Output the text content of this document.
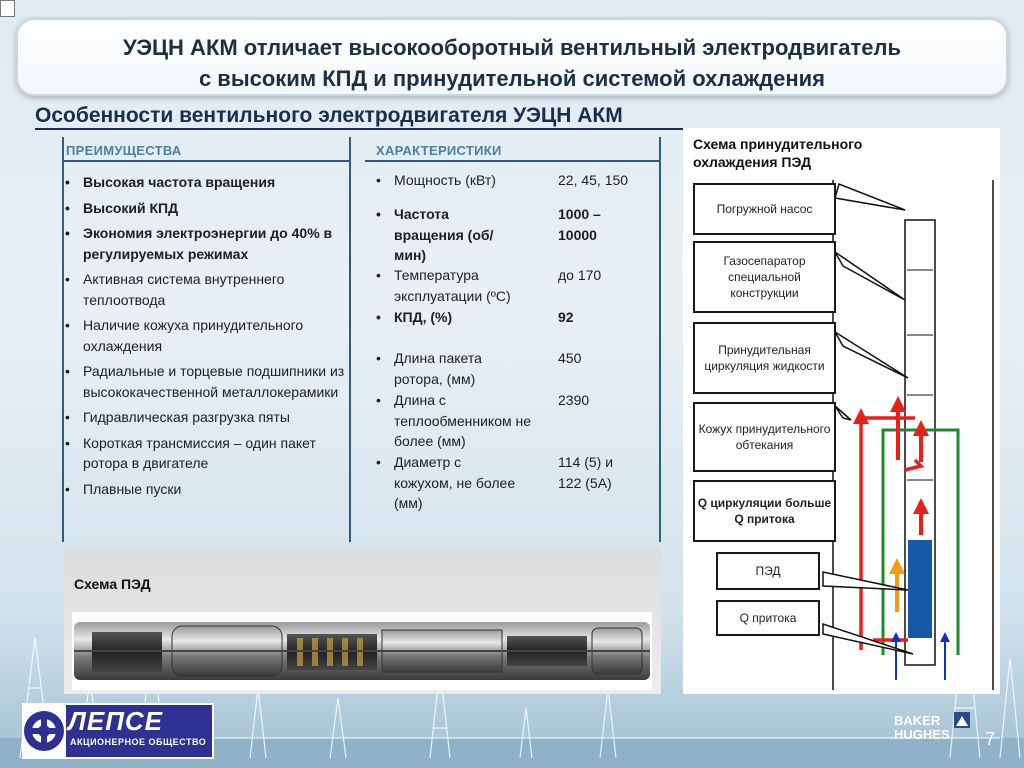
УЭЦН АКМ отличает высокооборотный вентильный электродвигатель
с высоким КПД и принудительной системой охлаждения
Особенности вентильного электродвигателя УЭЦН АКМ
ПРЕИМУЩЕСТВА
• Высокая частота вращения
• Высокий КПД
• Экономия электроэнергии до 40% в регулируемых режимах
• Активная система внутреннего теплоотвода
• Наличие кожуха принудительного охлаждения
• Радиальные и торцевые подшипники из высококачественной металлокерамики
• Гидравлическая разгрузка пяты
• Короткая трансмиссия – один пакет ротора в двигателе
• Плавные пуски
ХАРАКТЕРИСТИКИ
• Мощность (кВт)	22, 45, 150
• Частота вращения (об/мин)
1000 – 10000
• Температура эксплуатации (ºС)
до 170
• КПД, (%)	92
• Длина пакета ротора, (мм)
450
• Длина с теплообменником не более (мм)
2390
• Диаметр с кожухом, не более (мм)
114 (5) и 122 (5А)
Схема ПЭД
Схема принудительного
охлаждения ПЭД
Погружной насос
Газосепаратор специальной конструкции
Принудительная циркуляция жидкости
Кожух принудительного обтекания
Q циркуляции больше Q притока
ПЭД
Q притока
ЛЕПСЕ
АКЦИОНЕРНОЕ ОБЩЕСТВО
BAKER
HUGHES 7
